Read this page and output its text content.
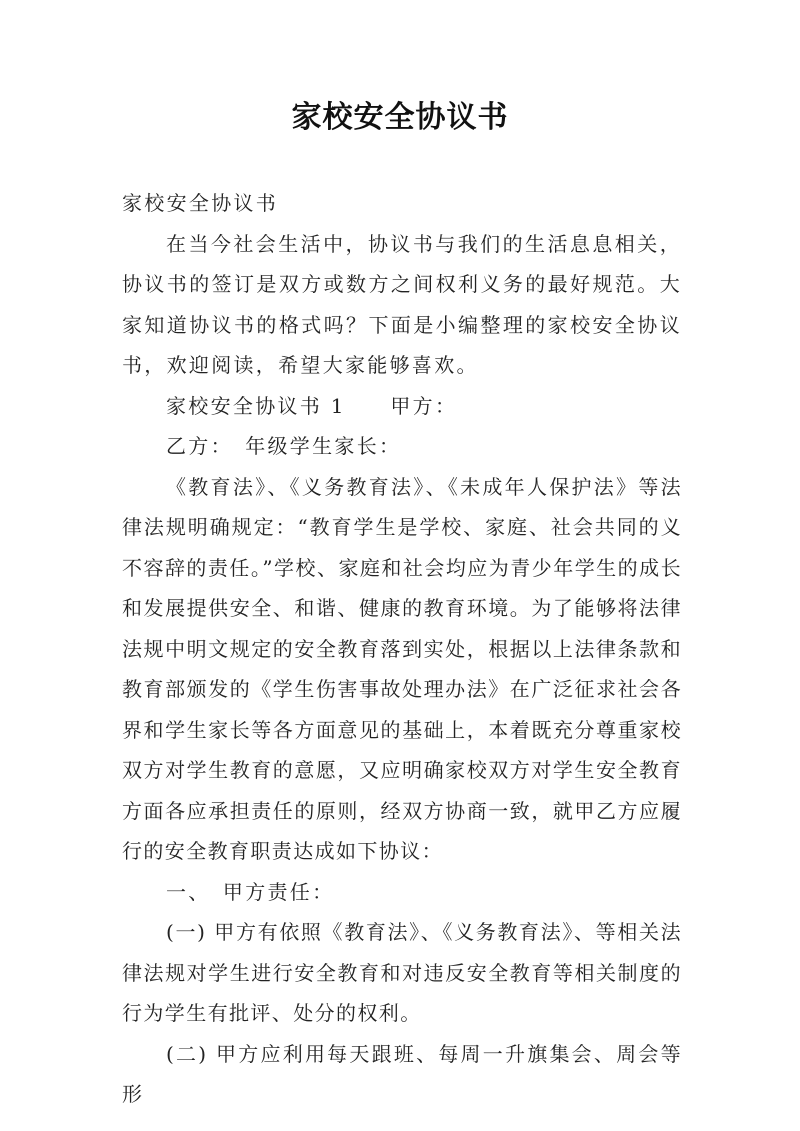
家校安全协议书

家校安全协议书

在当今社会生活中，协议书与我们的生活息息相关，协议书的签订是双方或数方之间权利义务的最好规范。大家知道协议书的格式吗？下面是小编整理的家校安全协议书，欢迎阅读，希望大家能够喜欢。

家校安全协议书 1　　甲方：

乙方：　年级学生家长：

《教育法》、《义务教育法》、《未成年人保护法》等法律法规明确规定：“教育学生是学校、家庭、社会共同的义不容辞的责任。”学校、家庭和社会均应为青少年学生的成长和发展提供安全、和谐、健康的教育环境。为了能够将法律法规中明文规定的安全教育落到实处，根据以上法律条款和教育部颁发的《学生伤害事故处理办法》在广泛征求社会各界和学生家长等各方面意见的基础上，本着既充分尊重家校双方对学生教育的意愿，又应明确家校双方对学生安全教育方面各应承担责任的原则，经双方协商一致，就甲乙方应履行的安全教育职责达成如下协议：

一、　甲方责任：

(一) 甲方有依照《教育法》、《义务教育法》、等相关法律法规对学生进行安全教育和对违反安全教育等相关制度的行为学生有批评、处分的权利。

(二) 甲方应利用每天跟班、每周一升旗集会、周会等形
